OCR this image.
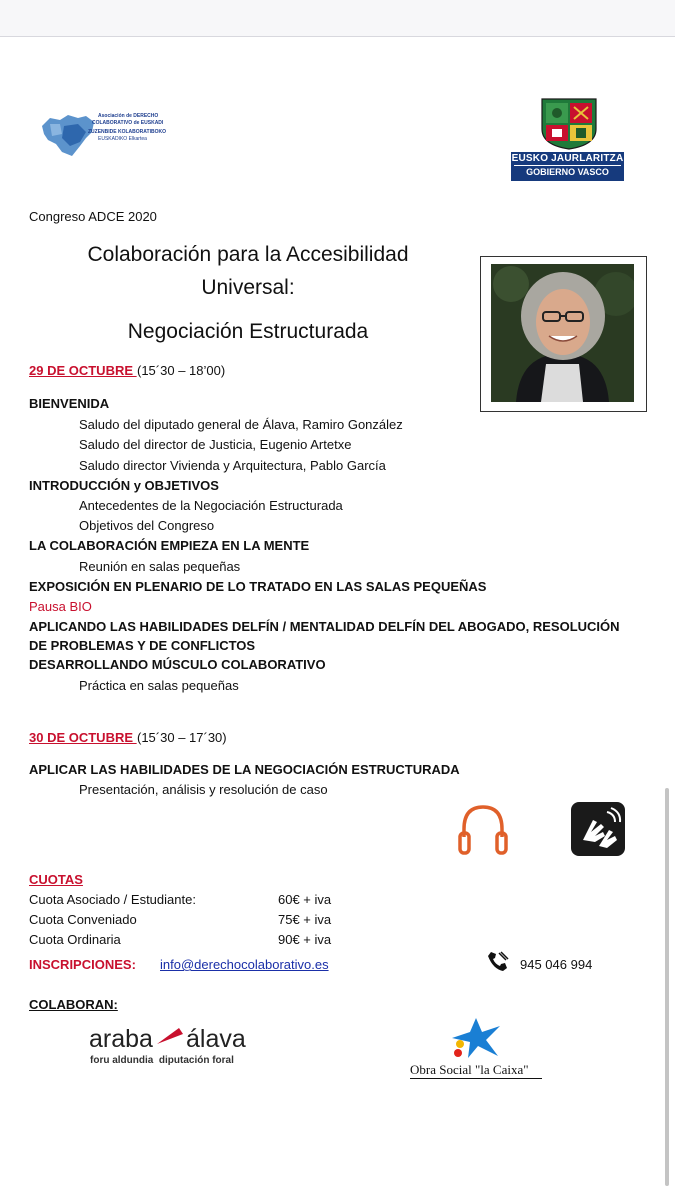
Asociación de DERECHO
COLABORATIVO de EUSKADI
ZUZENBIDE KOLABORATIBOKO
EUSKADIKO Elkartea
EUSKO JAURLARITZA
GOBIERNO VASCO
Congreso ADCE 2020
Colaboración para la Accesibilidad
Universal:
Negociación Estructurada
29 DE OCTUBRE (15´30 – 18’00)
BIENVENIDA
Saludo del diputado general de Álava, Ramiro González
Saludo del director de Justicia, Eugenio Artetxe
Saludo director Vivienda y Arquitectura, Pablo García
INTRODUCCIÓN y OBJETIVOS
Antecedentes de la Negociación Estructurada
Objetivos del Congreso
LA COLABORACIÓN EMPIEZA EN LA MENTE
Reunión en salas pequeñas
EXPOSICIÓN EN PLENARIO DE LO TRATADO EN LAS SALAS PEQUEÑAS
Pausa BIO
APLICANDO LAS HABILIDADES DELFÍN / MENTALIDAD DELFÍN DEL ABOGADO, RESOLUCIÓN
DE PROBLEMAS Y DE CONFLICTOS
DESARROLLANDO MÚSCULO COLABORATIVO
Práctica en salas pequeñas
30 DE OCTUBRE (15´30 – 17´30)
APLICAR LAS HABILIDADES DE LA NEGOCIACIÓN ESTRUCTURADA
Presentación, análisis y resolución de caso
CUOTAS
Cuota Asociado / Estudiante:	60€ + iva
Cuota Conveniado	75€ + iva
Cuota Ordinaria	90€ + iva
INSCRIPCIONES: info@derechocolaborativo.es	945 046 994
COLABORAN:
araba álava
foru aldundia  diputación foral
Obra Social "la Caixa"
